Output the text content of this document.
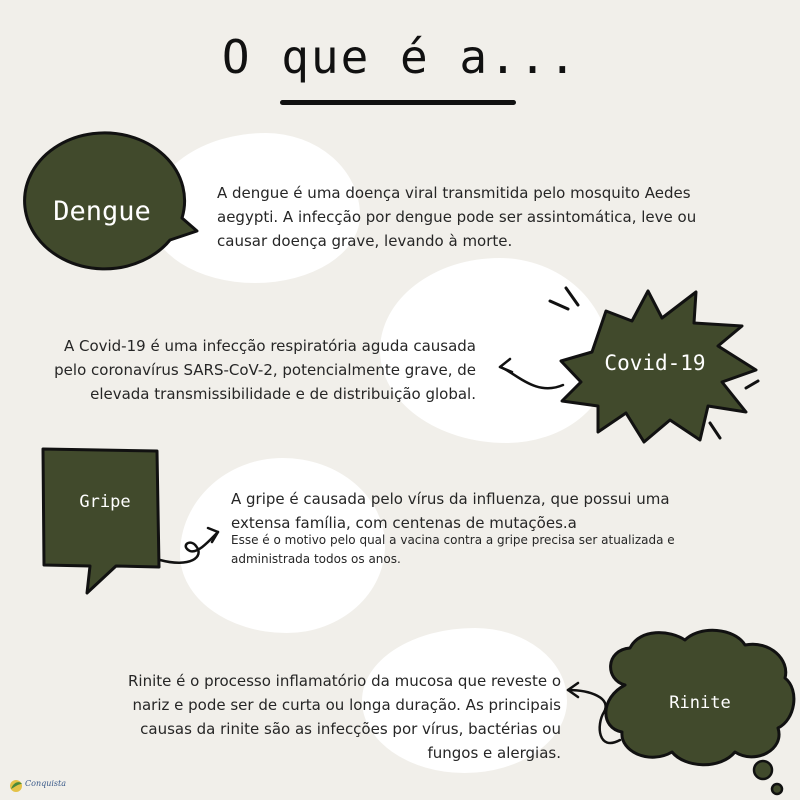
O que é a...
Dengue
A dengue é uma doença viral transmitida pelo mosquito Aedes aegypti. A infecção por dengue pode ser assintomática, leve ou causar doença grave, levando à morte.
Covid-19
A Covid-19 é uma infecção respiratória aguda causada pelo coronavírus SARS-CoV-2, potencialmente grave, de elevada transmissibilidade e de distribuição global.
Gripe	A gripe é causada pelo vírus da influenza, que possui uma extensa família, com centenas de mutações.a
Esse é o motivo pelo qual a vacina contra a gripe precisa ser atualizada e administrada todos os anos.
Rinite
Rinite é o processo inflamatório da mucosa que reveste o nariz e pode ser de curta ou longa duração. As principais causas da rinite são as infecções por vírus, bactérias ou fungos e alergias.
Conquista
